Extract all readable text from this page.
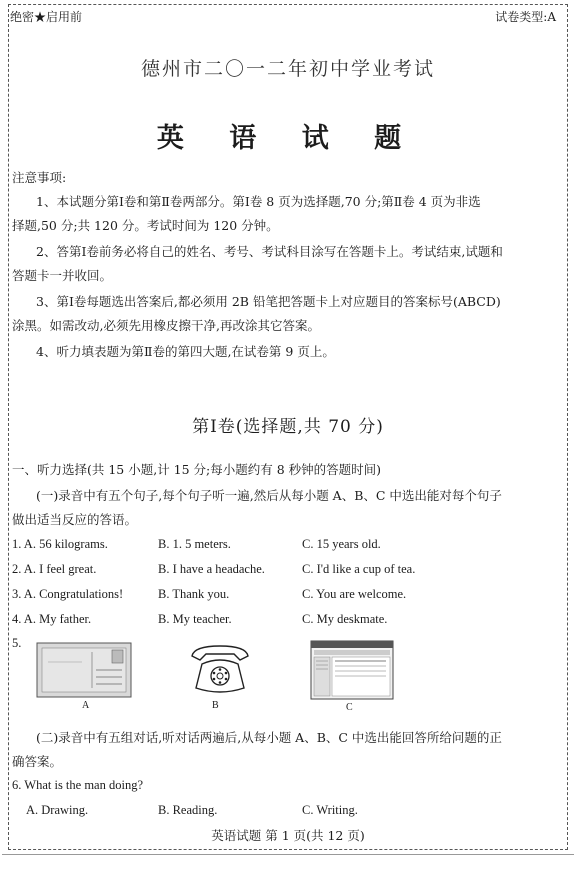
绝密★启用前	试卷类型:A
德州市二〇一二年初中学业考试
英 语 试 题
注意事项:
1、本试题分第Ⅰ卷和第Ⅱ卷两部分。第Ⅰ卷 8 页为选择题,70 分;第Ⅱ卷 4 页为非选
择题,50 分;共 120 分。考试时间为 120 分钟。
2、答第Ⅰ卷前务必将自己的姓名、考号、考试科目涂写在答题卡上。考试结束,试题和
答题卡一并收回。
3、第Ⅰ卷每题选出答案后,都必须用 2B 铅笔把答题卡上对应题目的答案标号(ABCD)
涂黑。如需改动,必须先用橡皮擦干净,再改涂其它答案。
4、听力填表题为第Ⅱ卷的第四大题,在试卷第 9 页上。
第Ⅰ卷(选择题,共 70 分)
一、听力选择(共 15 小题,计 15 分;每小题约有 8 秒钟的答题时间)
(一)录音中有五个句子,每个句子听一遍,然后从每小题 A、B、C 中选出能对每个句子
做出适当反应的答语。
1. A. 56 kilograms.	B. 1. 5 meters.	C. 15 years old.
2. A. I feel great.	B. I have a headache.	C. I'd like a cup of tea.
3. A. Congratulations!	B. Thank you.	C. You are welcome.
4. A. My father.	B. My teacher.	C. My deskmate.
5.
A	B	C
(二)录音中有五组对话,听对话两遍后,从每小题 A、B、C 中选出能回答所给问题的正
确答案。
6. What is the man doing?
A. Drawing.	B. Reading.	C. Writing.
英语试题 第 1 页(共 12 页)
